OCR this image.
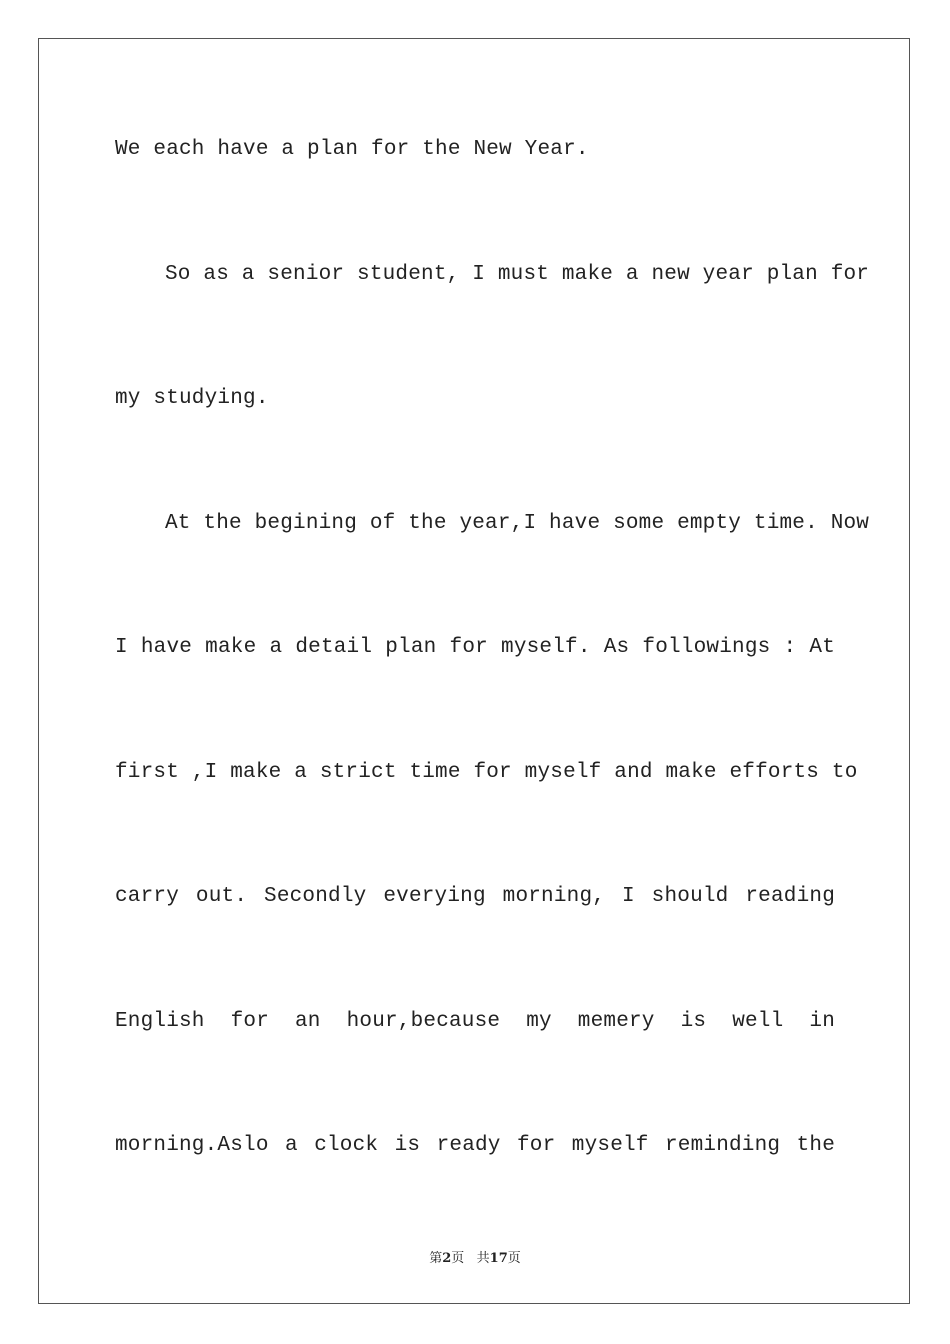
We each have a plan for the New Year.
So as a senior student, I must make a new year plan for
my studying.
At the begining of the year,I have some empty time. Now
I have make a detail plan for myself. As followings : At
first ,I make a strict time for myself and make efforts to
carry out. Secondly everying morning, I should reading
English for an hour,because my memery is well in
morning.Aslo a clock is ready for myself reminding the
第2页   共17页
